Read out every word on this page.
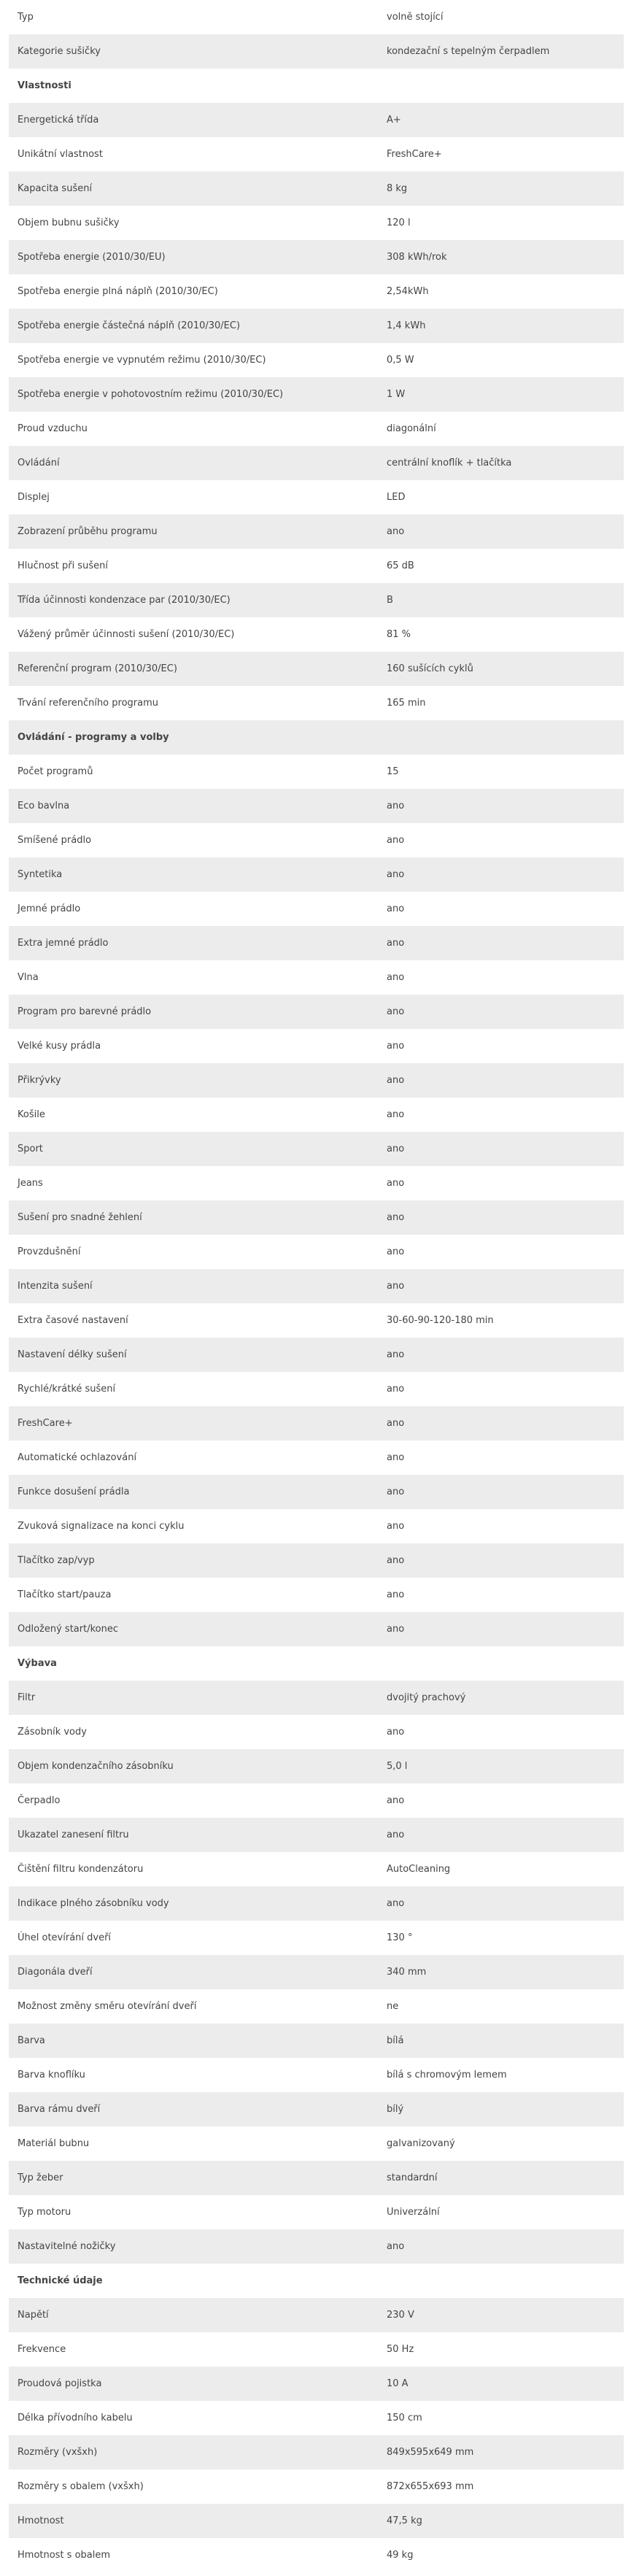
Typ	volně stojící
Kategorie sušičky	kondezační s tepelným čerpadlem
Vlastnosti
Energetická třída	A+
Unikátní vlastnost	FreshCare+
Kapacita sušení	8 kg
Objem bubnu sušičky	120 l
Spotřeba energie (2010/30/EU)	308 kWh/rok
Spotřeba energie plná náplň (2010/30/EC)	2,54kWh
Spotřeba energie částečná náplň (2010/30/EC)	1,4 kWh
Spotřeba energie ve vypnutém režimu (2010/30/EC)	0,5 W
Spotřeba energie v pohotovostním režimu (2010/30/EC)	1 W
Proud vzduchu	diagonální
Ovládání	centrální knoflík + tlačítka
Displej	LED
Zobrazení průběhu programu	ano
Hlučnost při sušení	65 dB
Třída účinnosti kondenzace par (2010/30/EC)	B
Vážený průměr účinnosti sušení (2010/30/EC)	81 %
Referenční program (2010/30/EC)	160 sušících cyklů
Trvání referenčního programu	165 min
Ovládání - programy a volby
Počet programů	15
Eco bavlna	ano
Smíšené prádlo	ano
Syntetika	ano
Jemné prádlo	ano
Extra jemné prádlo	ano
Vlna	ano
Program pro barevné prádlo	ano
Velké kusy prádla	ano
Přikrývky	ano
Košile	ano
Sport	ano
Jeans	ano
Sušení pro snadné žehlení	ano
Provzdušnění	ano
Intenzita sušení	ano
Extra časové nastavení	30-60-90-120-180 min
Nastavení délky sušení	ano
Rychlé/krátké sušení	ano
FreshCare+	ano
Automatické ochlazování	ano
Funkce dosušení prádla	ano
Zvuková signalizace na konci cyklu	ano
Tlačítko zap/vyp	ano
Tlačítko start/pauza	ano
Odložený start/konec	ano
Výbava
Filtr	dvojitý prachový
Zásobník vody	ano
Objem kondenzačního zásobníku	5,0 l
Čerpadlo	ano
Ukazatel zanesení filtru	ano
Čištění filtru kondenzátoru	AutoCleaning
Indikace plného zásobníku vody	ano
Úhel otevírání dveří	130 °
Diagonála dveří	340 mm
Možnost změny směru otevírání dveří	ne
Barva	bílá
Barva knoflíku	bílá s chromovým lemem
Barva rámu dveří	bílý
Materiál bubnu	galvanizovaný
Typ žeber	standardní
Typ motoru	Univerzální
Nastavitelné nožičky	ano
Technické údaje
Napětí	230 V
Frekvence	50 Hz
Proudová pojistka	10 A
Délka přívodního kabelu	150 cm
Rozměry (vxšxh)	849x595x649 mm
Rozměry s obalem (vxšxh)	872x655x693 mm
Hmotnost	47,5 kg
Hmotnost s obalem	49 kg
